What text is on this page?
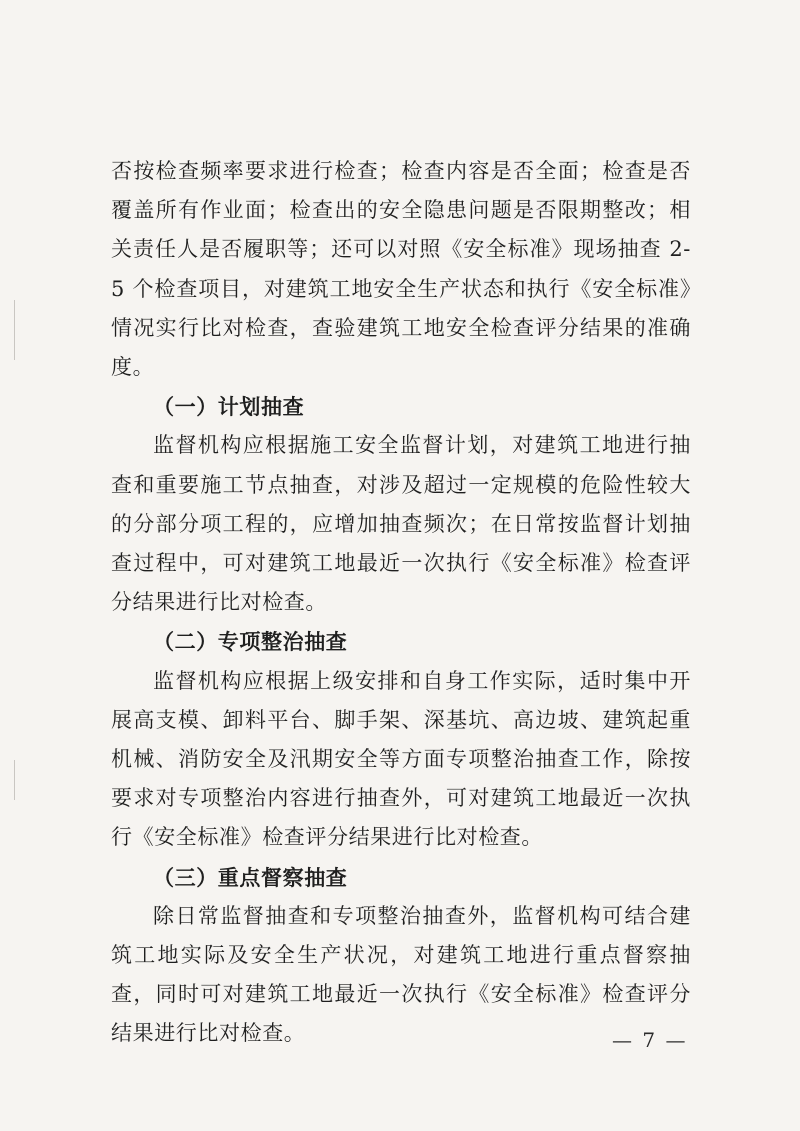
否按检查频率要求进行检查；检查内容是否全面；检查是否覆盖所有作业面；检查出的安全隐患问题是否限期整改；相关责任人是否履职等；还可以对照《安全标准》现场抽查 2-5 个检查项目，对建筑工地安全生产状态和执行《安全标准》情况实行比对检查，查验建筑工地安全检查评分结果的准确度。

（一）计划抽查

监督机构应根据施工安全监督计划，对建筑工地进行抽查和重要施工节点抽查，对涉及超过一定规模的危险性较大的分部分项工程的，应增加抽查频次；在日常按监督计划抽查过程中，可对建筑工地最近一次执行《安全标准》检查评分结果进行比对检查。

（二）专项整治抽查

监督机构应根据上级安排和自身工作实际，适时集中开展高支模、卸料平台、脚手架、深基坑、高边坡、建筑起重机械、消防安全及汛期安全等方面专项整治抽查工作，除按要求对专项整治内容进行抽查外，可对建筑工地最近一次执行《安全标准》检查评分结果进行比对检查。

（三）重点督察抽查

除日常监督抽查和专项整治抽查外，监督机构可结合建筑工地实际及安全生产状况，对建筑工地进行重点督察抽查，同时可对建筑工地最近一次执行《安全标准》检查评分结果进行比对检查。	— 7 —
